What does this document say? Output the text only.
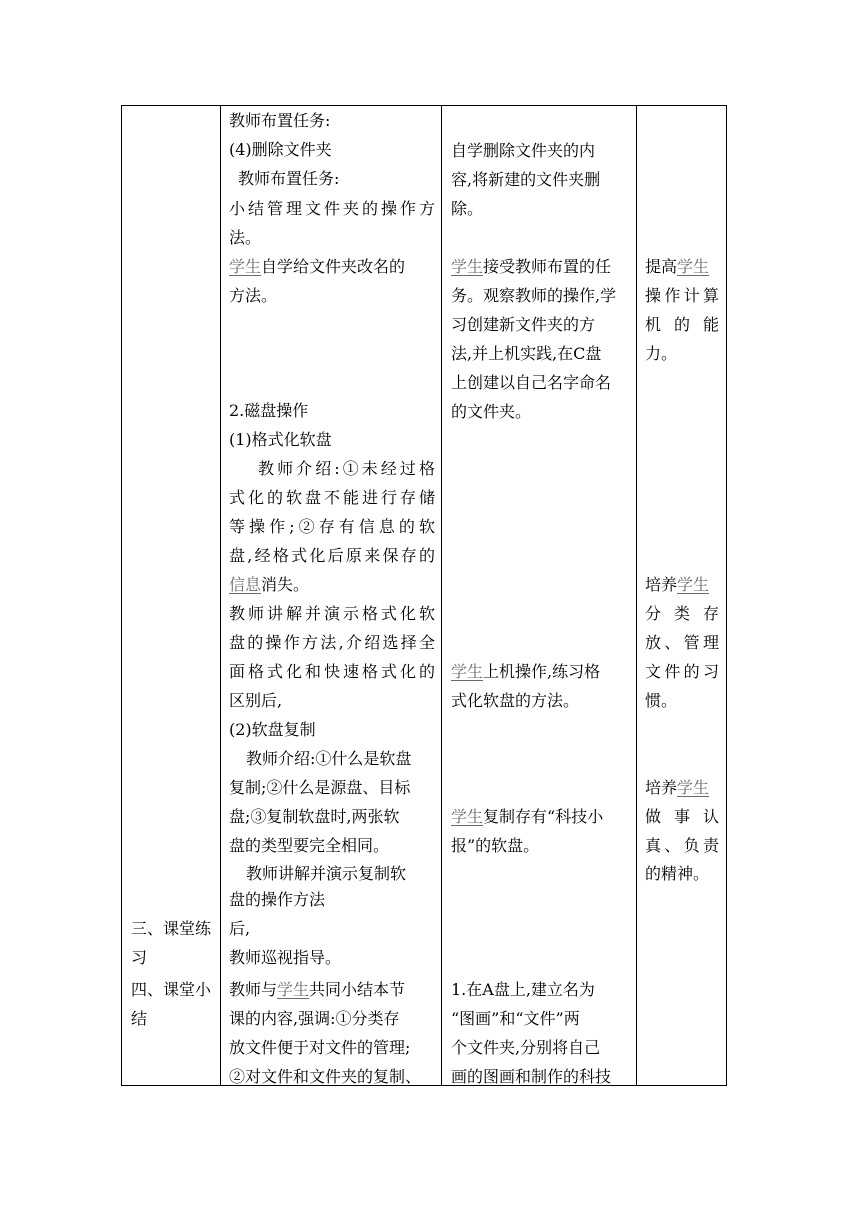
三、课堂练
习
四、课堂小
结
教师布置任务:
(4)删除文件夹
教师布置任务:
小结管理文件夹的操作方
法。
学生自学给文件夹改名的
方法。
2.磁盘操作
(1)格式化软盘
教师介绍:①未经过格
式化的软盘不能进行存储
等操作;②存有信息的软
盘,经格式化后原来保存的
信息消失。
教师讲解并演示格式化软
盘的操作方法,介绍选择全
面格式化和快速格式化的
区别后,
(2)软盘复制
教师介绍:①什么是软盘
复制;②什么是源盘、目标
盘;③复制软盘时,两张软
盘的类型要完全相同。
教师讲解并演示复制软
盘的操作方法
后,
教师巡视指导。
教师与学生共同小结本节
课的内容,强调:①分类存
放文件便于对文件的管理;
②对文件和文件夹的复制、
自学删除文件夹的内
容,将新建的文件夹删
除。
学生接受教师布置的任
务。观察教师的操作,学
习创建新文件夹的方
法,并上机实践,在C盘
上创建以自己名字命名
的文件夹。
学生上机操作,练习格
式化软盘的方法。
学生复制存有“科技小
报”的软盘。
1.在A盘上,建立名为
“图画”和“文件”两
个文件夹,分别将自己
画的图画和制作的科技
提高学生
操作计算
机 的 能
力。
培养学生
分 类 存
放、管理
文件的习
惯。
培养学生
做 事 认
真、负责
的精神。
